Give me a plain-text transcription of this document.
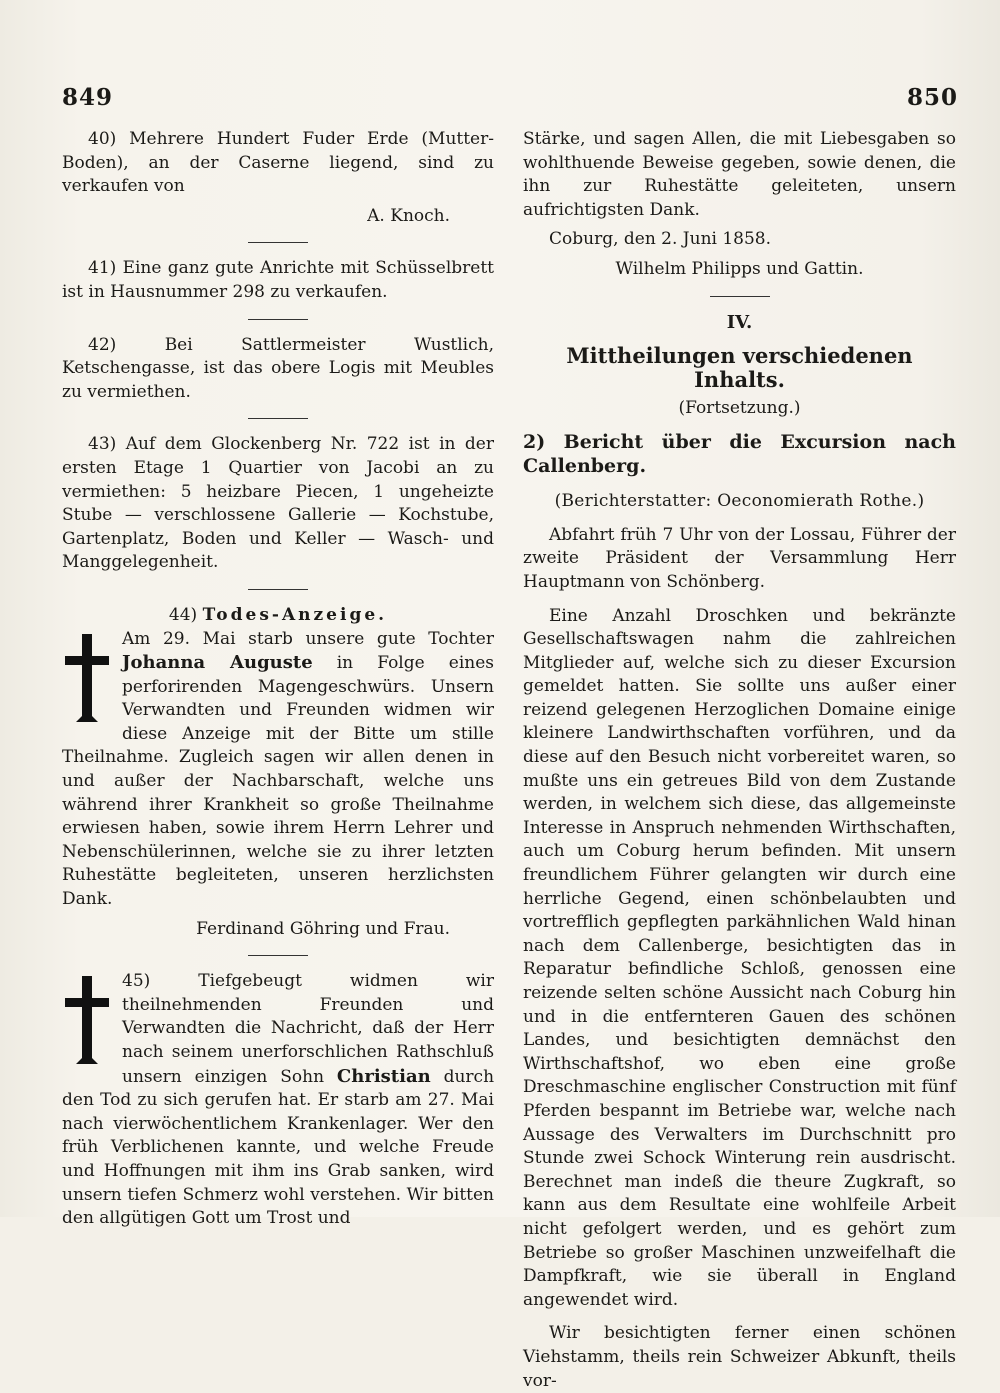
849	850

40) Mehrere Hundert Fuder Erde (Mutter-Boden), an der Caserne liegend, sind zu verkaufen von

A. Knoch.

41) Eine ganz gute Anrichte mit Schüsselbrett ist in Hausnummer 298 zu verkaufen.

42) Bei Sattlermeister Wustlich, Ketschengasse, ist das obere Logis mit Meubles zu vermiethen.

43) Auf dem Glockenberg Nr. 722 ist in der ersten Etage 1 Quartier von Jacobi an zu vermiethen: 5 heizbare Piecen, 1 ungeheizte Stube — verschlossene Gallerie — Kochstube, Gartenplatz, Boden und Keller — Wasch- und Manggelegenheit.

44) Todes-Anzeige.

Am 29. Mai starb unsere gute Tochter Johanna Auguste in Folge eines perforirenden Magengeschwürs. Unsern Verwandten und Freunden widmen wir diese Anzeige mit der Bitte um stille Theilnahme. Zugleich sagen wir allen denen in und außer der Nachbarschaft, welche uns während ihrer Krankheit so große Theilnahme erwiesen haben, sowie ihrem Herrn Lehrer und Nebenschülerinnen, welche sie zu ihrer letzten Ruhestätte begleiteten, unseren herzlichsten Dank.

Ferdinand Göhring und Frau.

45) Tiefgebeugt widmen wir theilnehmenden Freunden und Verwandten die Nachricht, daß der Herr nach seinem unerforschlichen Rathschluß unsern einzigen Sohn Christian durch den Tod zu sich gerufen hat. Er starb am 27. Mai nach vierwöchentlichem Krankenlager. Wer den früh Verblichenen kannte, und welche Freude und Hoffnungen mit ihm ins Grab sanken, wird unsern tiefen Schmerz wohl verstehen. Wir bitten den allgütigen Gott um Trost und

Stärke, und sagen Allen, die mit Liebesgaben so wohlthuende Beweise gegeben, sowie denen, die ihn zur Ruhestätte geleiteten, unsern aufrichtigsten Dank.

Coburg, den 2. Juni 1858.

Wilhelm Philipps und Gattin.

IV.

Mittheilungen verschiedenen Inhalts.

(Fortsetzung.)

2) Bericht über die Excursion nach Callenberg.

(Berichterstatter: Oeconomierath Rothe.)

Abfahrt früh 7 Uhr von der Lossau, Führer der zweite Präsident der Versammlung Herr Hauptmann von Schönberg.

Eine Anzahl Droschken und bekränzte Gesellschaftswagen nahm die zahlreichen Mitglieder auf, welche sich zu dieser Excursion gemeldet hatten. Sie sollte uns außer einer reizend gelegenen Herzoglichen Domaine einige kleinere Landwirthschaften vorführen, und da diese auf den Besuch nicht vorbereitet waren, so mußte uns ein getreues Bild von dem Zustande werden, in welchem sich diese, das allgemeinste Interesse in Anspruch nehmenden Wirthschaften, auch um Coburg herum befinden. Mit unsern freundlichem Führer gelangten wir durch eine herrliche Gegend, einen schönbelaubten und vortrefflich gepflegten parkähnlichen Wald hinan nach dem Callenberge, besichtigten das in Reparatur befindliche Schloß, genossen eine reizende selten schöne Aussicht nach Coburg hin und in die entfernteren Gauen des schönen Landes, und besichtigten demnächst den Wirthschaftshof, wo eben eine große Dreschmaschine englischer Construction mit fünf Pferden bespannt im Betriebe war, welche nach Aussage des Verwalters im Durchschnitt pro Stunde zwei Schock Winterung rein ausdrischt. Berechnet man indeß die theure Zugkraft, so kann aus dem Resultate eine wohlfeile Arbeit nicht gefolgert werden, und es gehört zum Betriebe so großer Maschinen unzweifelhaft die Dampfkraft, wie sie überall in England angewendet wird.

Wir besichtigten ferner einen schönen Viehstamm, theils rein Schweizer Abkunft, theils vor-
